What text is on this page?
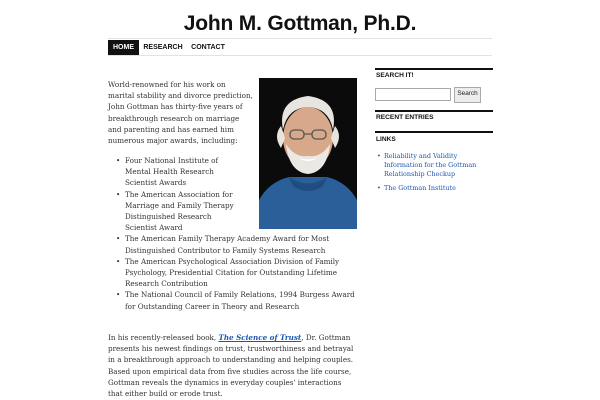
John M. Gottman, Ph.D.
HOME	RESEARCH	CONTACT

World-renowned for his work on marital stability and divorce prediction, John Gottman has thirty-five years of breakthrough research on marriage and parenting and has earned him numerous major awards, including:

• Four National Institute of Mental Health Research Scientist Awards
• The American Association for Marriage and Family Therapy Distinguished Research Scientist Award
• The American Family Therapy Academy Award for Most Distinguished Contributor to Family Systems Research
• The American Psychological Association Division of Family Psychology, Presidential Citation for Outstanding Lifetime Research Contribution
• The National Council of Family Relations, 1994 Burgess Award for Outstanding Career in Theory and Research

In his recently-released book, The Science of Trust, Dr. Gottman presents his newest findings on trust, trustworthiness and betrayal in a breakthrough approach to understanding and helping couples. Based upon empirical data from five studies across the life course, Gottman reveals the dynamics in everyday couples' interactions that either build or erode trust.

SEARCH IT!
Search
RECENT ENTRIES
LINKS
• Reliability and Validity Information for the Gottman Relationship Checkup
• The Gottman Institute
